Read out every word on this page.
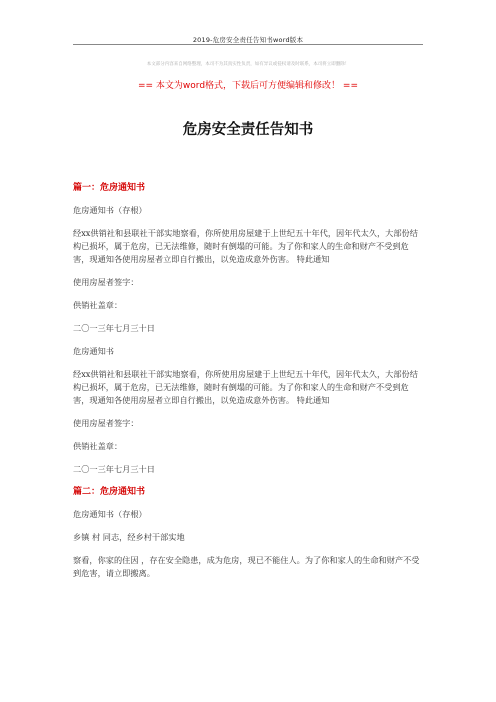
2019-危房安全责任告知书word版本
本文部分内容来自网络整理，本司不为其真实性负责，如有异议或侵权请及时联系，本司将立即删除！
== 本文为word格式，下载后可方便编辑和修改！ ==
危房安全责任告知书
篇一：危房通知书

危房通知书（存根）

经xx供销社和县联社干部实地察看，你所使用房屋建于上世纪五十年代，因年代太久，大部份结构已损坏，属于危房，已无法维修，随时有倒塌的可能。为了你和家人的生命和财产不受到危害，现通知各使用房屋者立即自行搬出，以免造成意外伤害。 特此通知

使用房屋者签字：

供销社盖章：

二〇一三年七月三十日

危房通知书

经xx供销社和县联社干部实地察看，你所使用房屋建于上世纪五十年代，因年代太久，大部份结构已损坏，属于危房，已无法维修，随时有倒塌的可能。为了你和家人的生命和财产不受到危害，现通知各使用房屋者立即自行搬出，以免造成意外伤害。 特此通知

使用房屋者签字：

供销社盖章：

二〇一三年七月三十日

篇二：危房通知书

危房通知书（存根）

乡镇 村 同志，经乡村干部实地

察看，你家的住因 ，存在安全隐患，成为危房，现已不能住人。为了你和家人的生命和财产不受到危害，请立即搬离。
